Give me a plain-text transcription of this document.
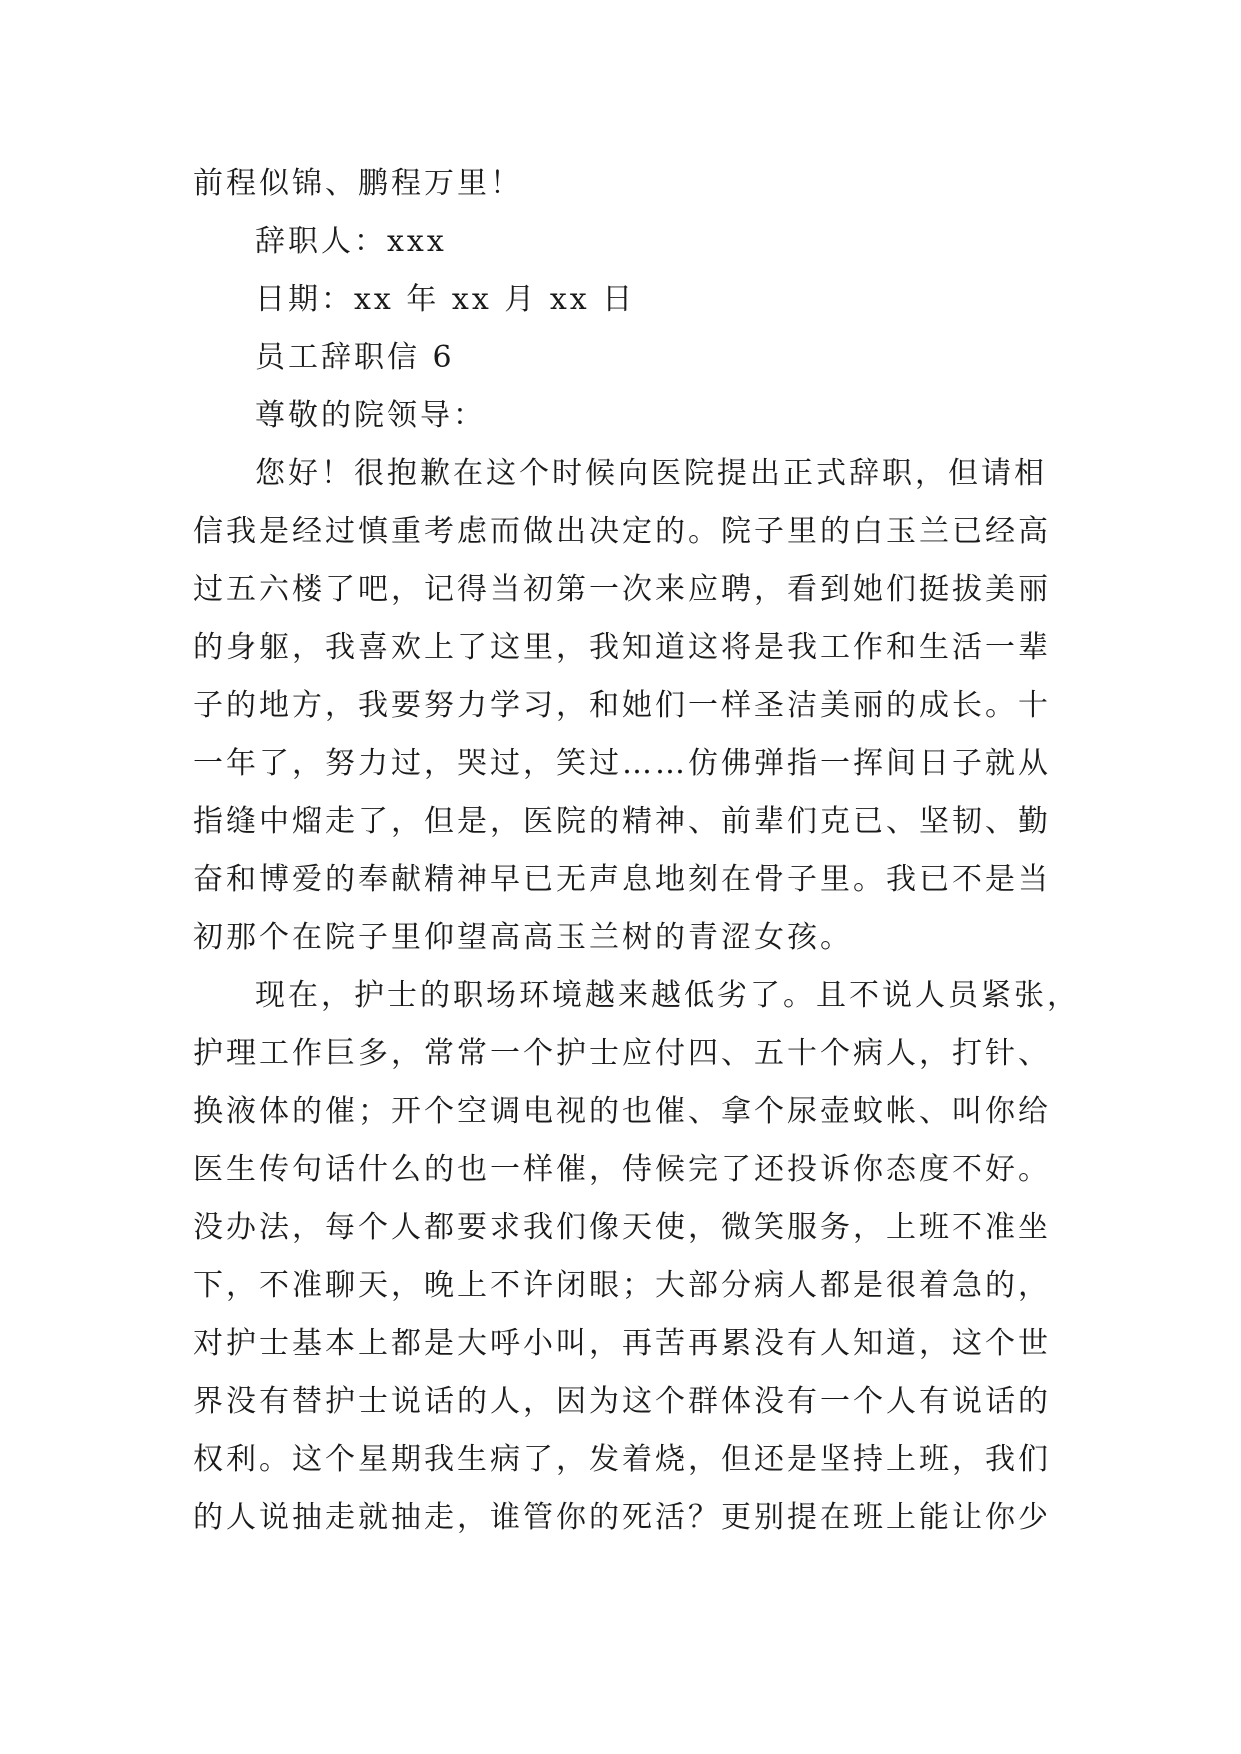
前程似锦、鹏程万里！
辞职人：xxx
日期：xx 年 xx 月 xx 日
员工辞职信 6
尊敬的院领导：
您好！很抱歉在这个时候向医院提出正式辞职，但请相
信我是经过慎重考虑而做出决定的。院子里的白玉兰已经高
过五六楼了吧，记得当初第一次来应聘，看到她们挺拔美丽
的身躯，我喜欢上了这里，我知道这将是我工作和生活一辈
子的地方，我要努力学习，和她们一样圣洁美丽的成长。十
一年了，努力过，哭过，笑过……仿佛弹指一挥间日子就从
指缝中熘走了，但是，医院的精神、前辈们克已、坚韧、勤
奋和博爱的奉献精神早已无声息地刻在骨子里。我已不是当
初那个在院子里仰望高高玉兰树的青涩女孩。
现在，护士的职场环境越来越低劣了。且不说人员紧张，
护理工作巨多，常常一个护士应付四、五十个病人，打针、
换液体的催；开个空调电视的也催、拿个尿壶蚊帐、叫你给
医生传句话什么的也一样催，侍候完了还投诉你态度不好。
没办法，每个人都要求我们像天使，微笑服务，上班不准坐
下，不准聊天，晚上不许闭眼；大部分病人都是很着急的，
对护士基本上都是大呼小叫，再苦再累没有人知道，这个世
界没有替护士说话的人，因为这个群体没有一个人有说话的
权利。这个星期我生病了，发着烧，但还是坚持上班，我们
的人说抽走就抽走，谁管你的死活？更别提在班上能让你少
